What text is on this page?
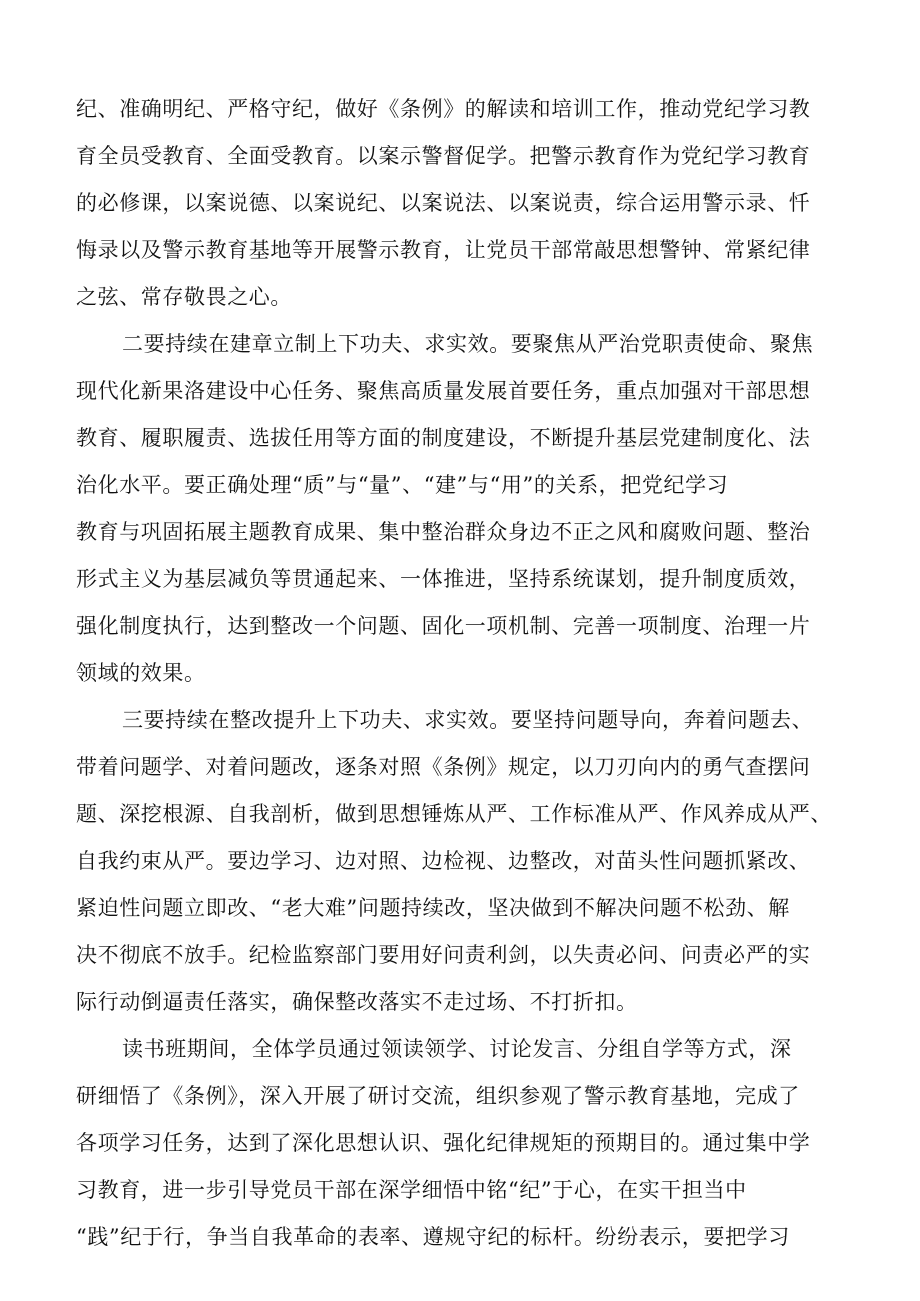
纪、准确明纪、严格守纪，做好《条例》的解读和培训工作，推动党纪学习教
育全员受教育、全面受教育。以案示警督促学。把警示教育作为党纪学习教育
的必修课，以案说德、以案说纪、以案说法、以案说责，综合运用警示录、忏
悔录以及警示教育基地等开展警示教育，让党员干部常敲思想警钟、常紧纪律
之弦、常存敬畏之心。
二要持续在建章立制上下功夫、求实效。要聚焦从严治党职责使命、聚焦
现代化新果洛建设中心任务、聚焦高质量发展首要任务，重点加强对干部思想
教育、履职履责、选拔任用等方面的制度建设，不断提升基层党建制度化、法
治化水平。要正确处理“质”与“量”、“建”与“用”的关系，把党纪学习
教育与巩固拓展主题教育成果、集中整治群众身边不正之风和腐败问题、整治
形式主义为基层减负等贯通起来、一体推进，坚持系统谋划，提升制度质效，
强化制度执行，达到整改一个问题、固化一项机制、完善一项制度、治理一片
领域的效果。
三要持续在整改提升上下功夫、求实效。要坚持问题导向，奔着问题去、
带着问题学、对着问题改，逐条对照《条例》规定，以刀刃向内的勇气查摆问
题、深挖根源、自我剖析，做到思想锤炼从严、工作标准从严、作风养成从严、
自我约束从严。要边学习、边对照、边检视、边整改，对苗头性问题抓紧改、
紧迫性问题立即改、“老大难”问题持续改，坚决做到不解决问题不松劲、解
决不彻底不放手。纪检监察部门要用好问责利剑，以失责必问、问责必严的实
际行动倒逼责任落实，确保整改落实不走过场、不打折扣。
读书班期间，全体学员通过领读领学、讨论发言、分组自学等方式，深
研细悟了《条例》，深入开展了研讨交流，组织参观了警示教育基地，完成了
各项学习任务，达到了深化思想认识、强化纪律规矩的预期目的。通过集中学
习教育，进一步引导党员干部在深学细悟中铭“纪”于心，在实干担当中
“践”纪于行，争当自我革命的表率、遵规守纪的标杆。纷纷表示，要把学习
